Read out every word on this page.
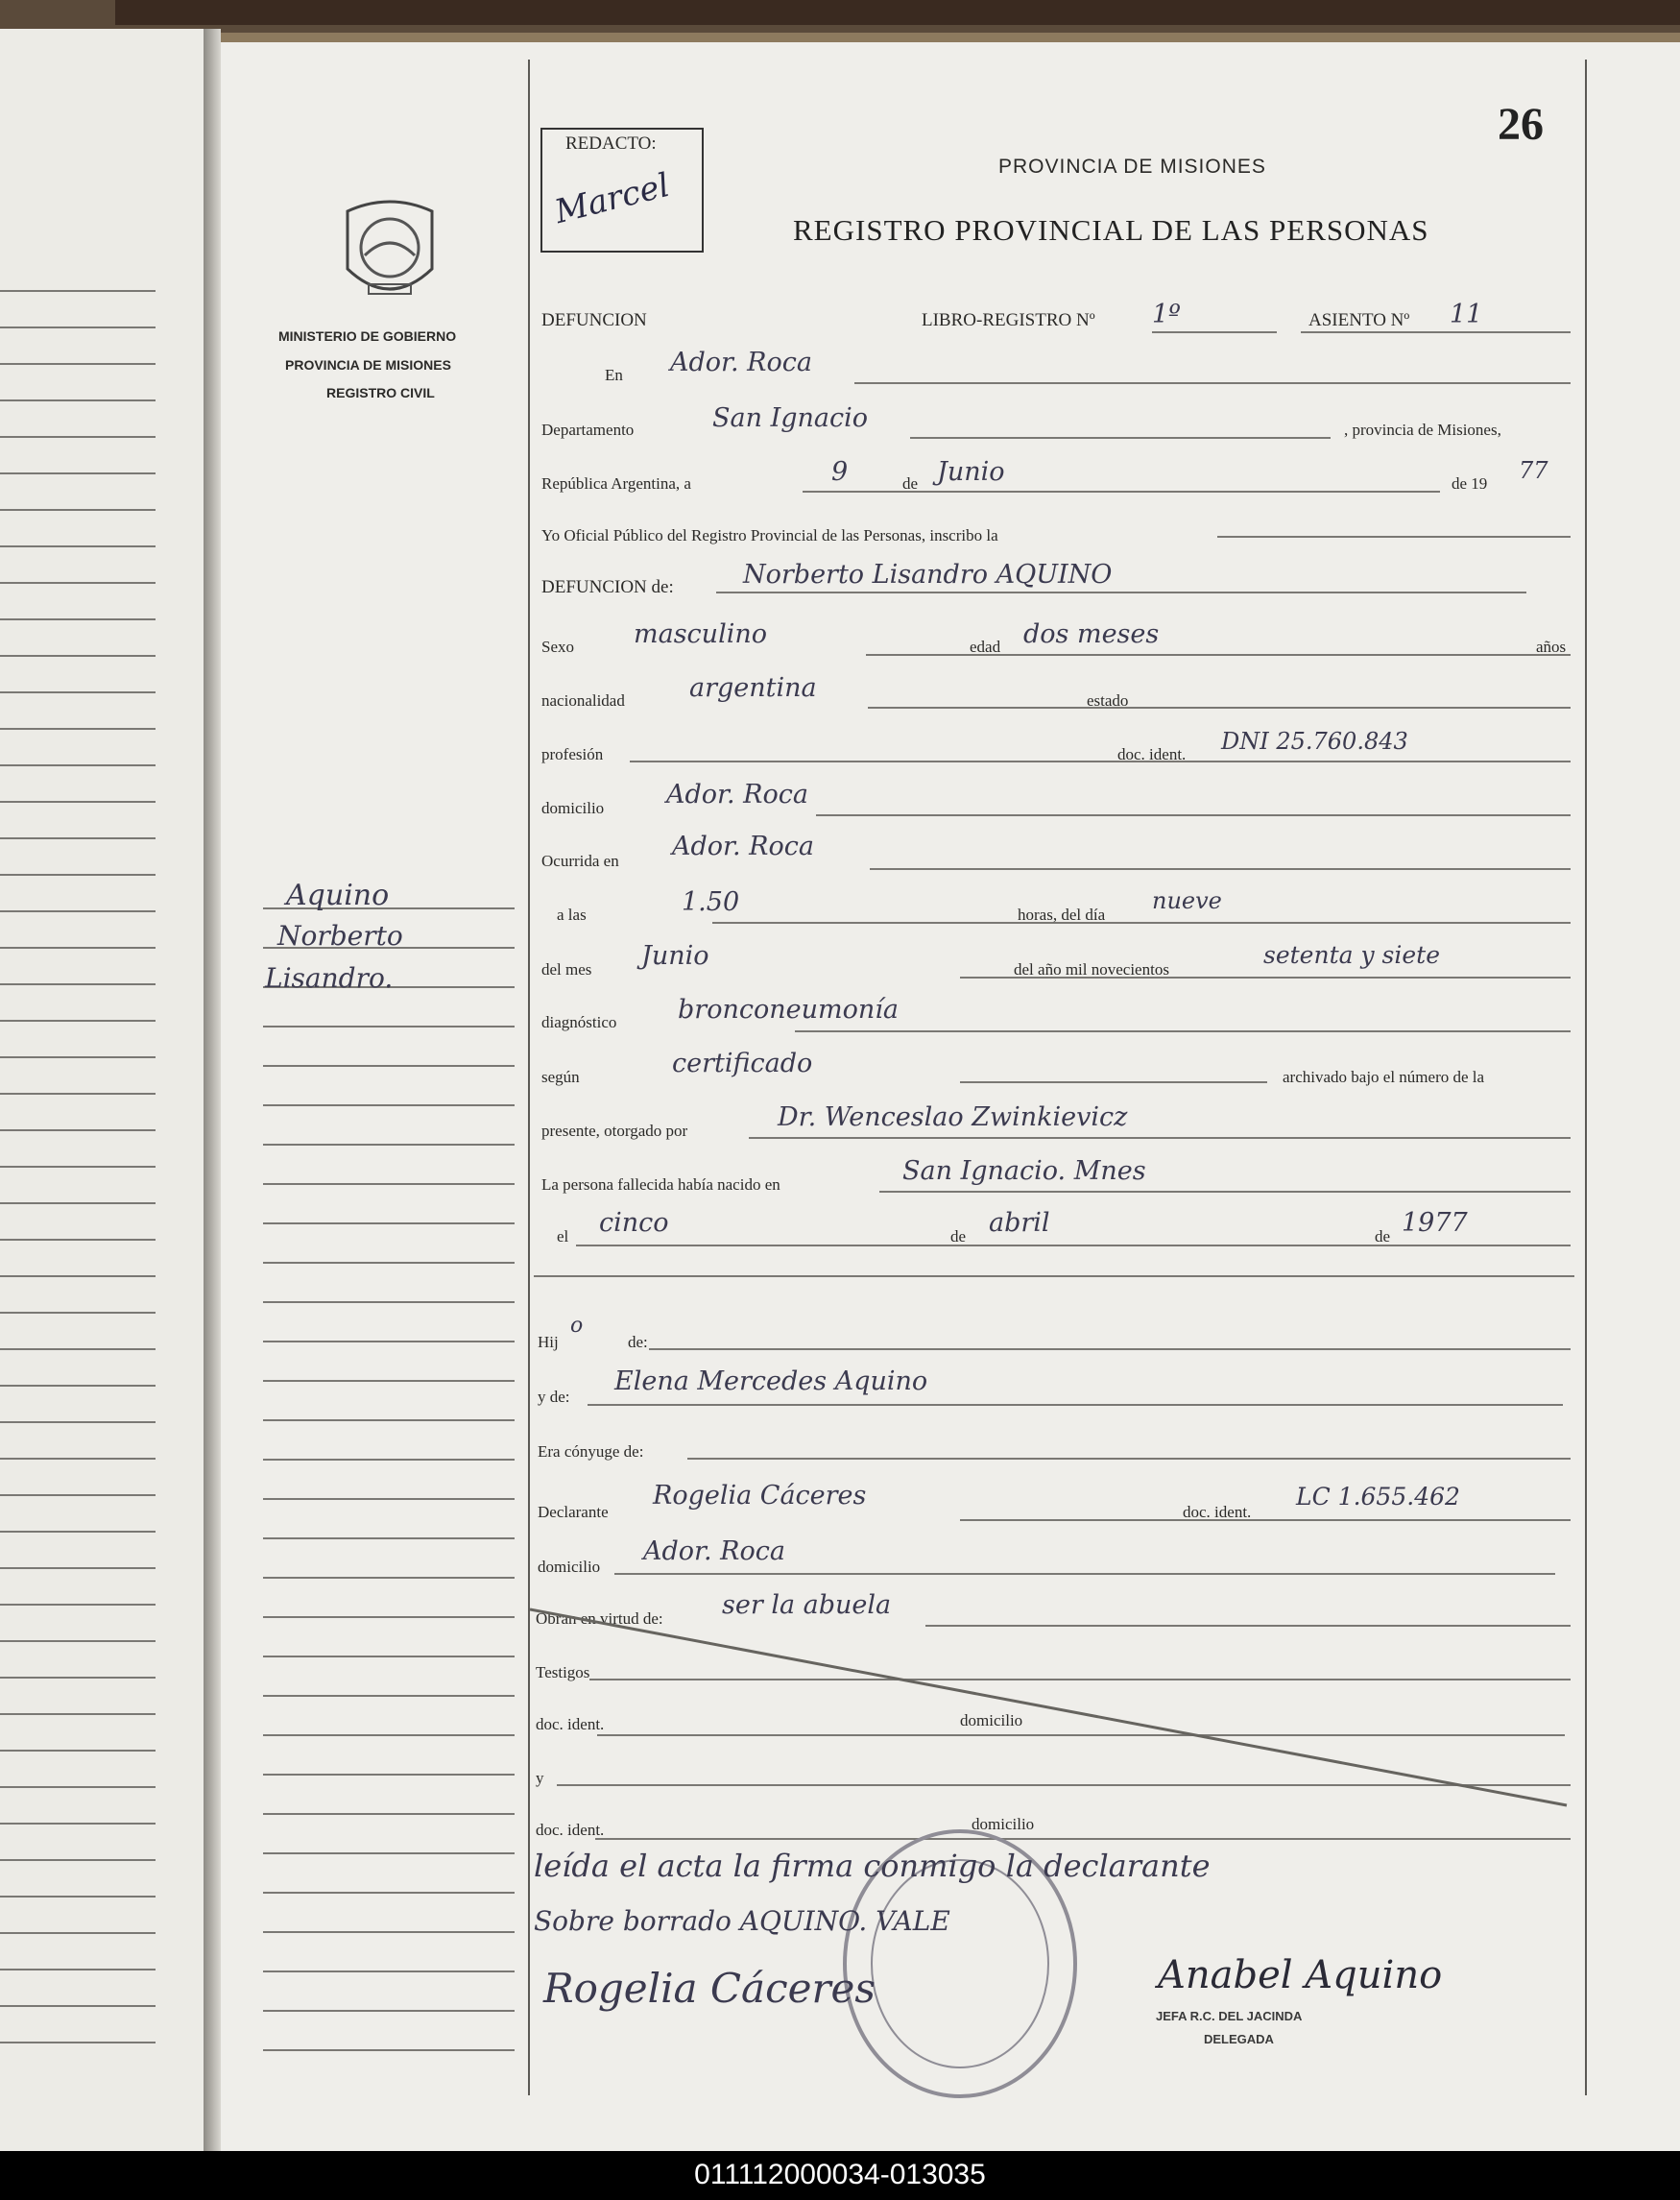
26
REDACTO:
Marcel	PROVINCIA DE MISIONES
REGISTRO PROVINCIAL DE LAS PERSONAS
MINISTERIO DE GOBIERNO
PROVINCIA DE MISIONES
REGISTRO CIVIL
Aquino
Norberto
Lisandro.
DEFUNCION	LIBRO-REGISTRO Nº 1º	ASIENTO Nº 11
En Ador. Roca
Departamento	San Ignacio	, provincia de Misiones,
República Argentina, a	9	de Junio	de 19 77
Yo Oficial Público del Registro Provincial de las Personas, inscribo la
DEFUNCION de:	Norberto Lisandro AQUINO
Sexo masculino	edad dos meses	años
nacionalidad argentina	estado
profesión	doc. ident. DNI 25.760.843
domicilio Ador. Roca
Ocurrida en Ador. Roca
a las	1.50	horas, del día
nueve
del mes Junio	del año mil novecientos
setenta y siete
diagnóstico bronconeumonía
según	certificado	archivado bajo el número de la
presente, otorgado por	Dr. Wenceslao Zwinkievicz
La persona fallecida había nacido en	San Ignacio. Mnes
el cinco	de abril	de 1977
Hij
o
de:
y de:
Elena Mercedes Aquino
Era cónyuge de:
Declarante
Rogelia Cáceres
doc. ident.
LC 1.655.462
domicilio
Ador. Roca
Obran en virtud de: ser la abuela
Testigos
doc. ident.	domicilio
y
doc. ident.	domicilio
leída el acta la firma conmigo la declarante
Sobre borrado AQUINO. VALE
Rogelia Cáceres	Anabel Aquino
JEFA R.C. DEL JACINDA
DELEGADA
011112000034-013035
